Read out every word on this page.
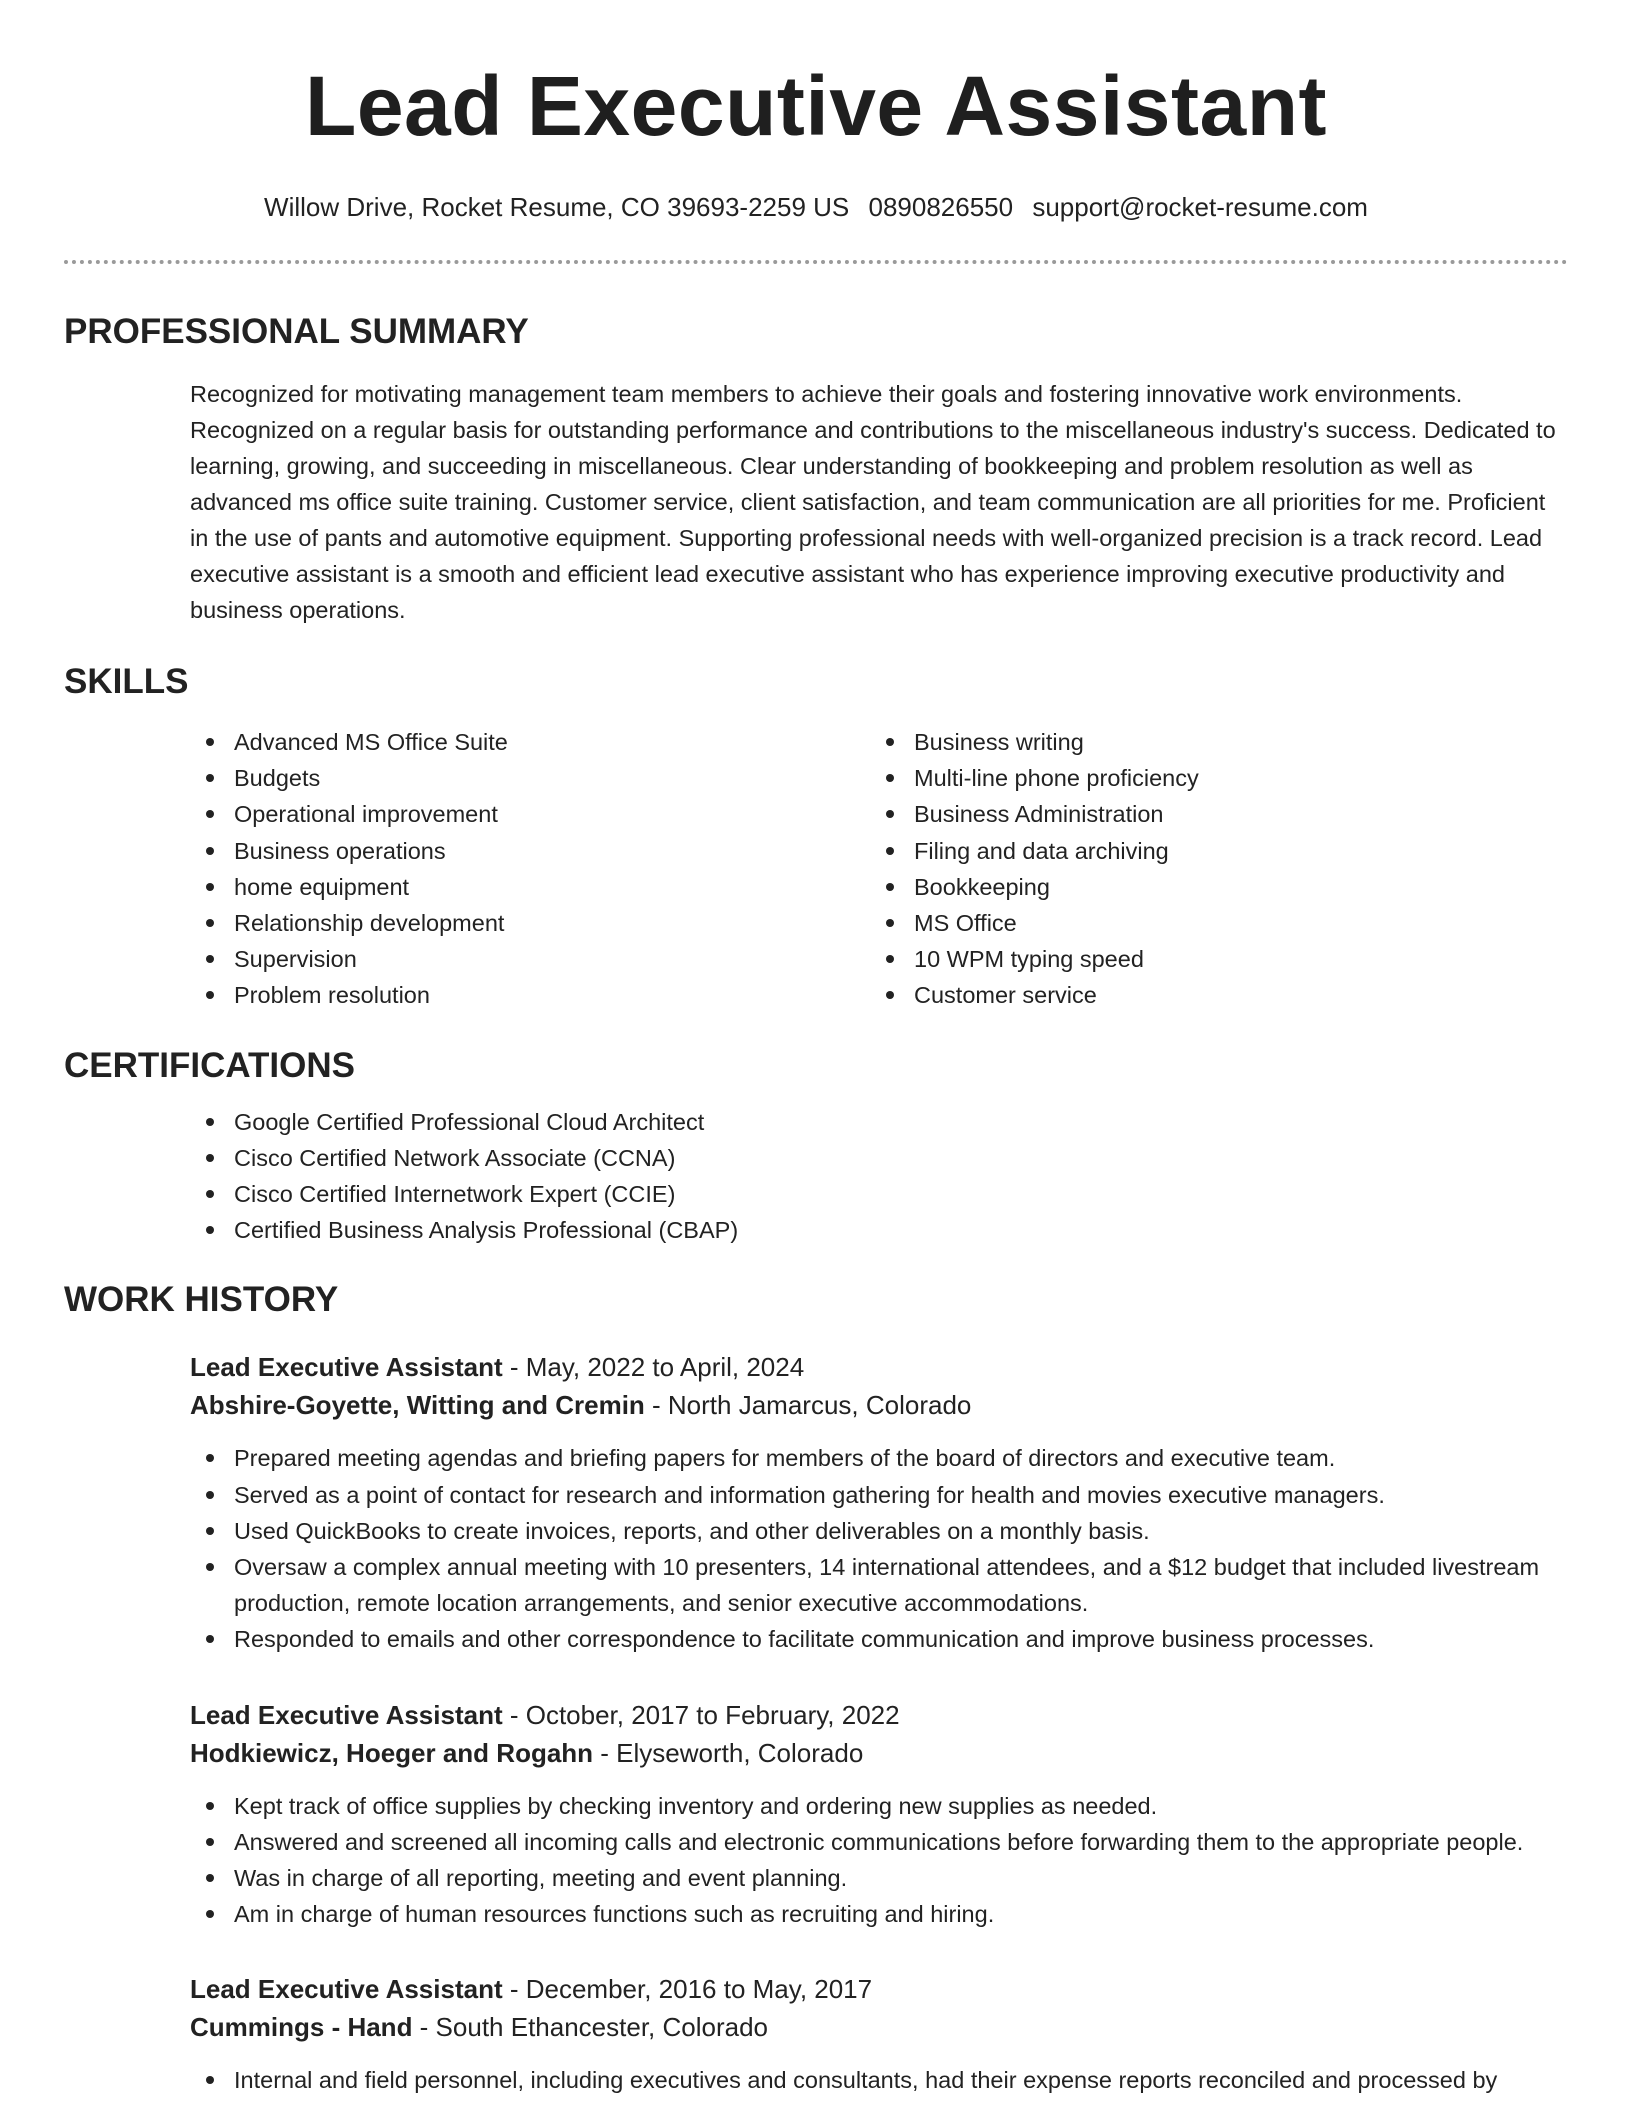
Lead Executive Assistant
Willow Drive, Rocket Resume, CO 39693-2259 US 0890826550 support@rocket-resume.com
PROFESSIONAL SUMMARY

Recognized for motivating management team members to achieve their goals and fostering innovative work environments. Recognized on a regular basis for outstanding performance and contributions to the miscellaneous industry's success. Dedicated to learning, growing, and succeeding in miscellaneous. Clear understanding of bookkeeping and problem resolution as well as advanced ms office suite training. Customer service, client satisfaction, and team communication are all priorities for me. Proficient in the use of pants and automotive equipment. Supporting professional needs with well-organized precision is a track record. Lead executive assistant is a smooth and efficient lead executive assistant who has experience improving executive productivity and business operations.

SKILLS
Advanced MS Office Suite
Budgets
Operational improvement
Business operations
home equipment
Relationship development
Supervision
Problem resolution
Business writing
Multi-line phone proficiency
Business Administration
Filing and data archiving
Bookkeeping
MS Office
10 WPM typing speed
Customer service
CERTIFICATIONS
Google Certified Professional Cloud Architect
Cisco Certified Network Associate (CCNA)
Cisco Certified Internetwork Expert (CCIE)
Certified Business Analysis Professional (CBAP)
WORK HISTORY
Lead Executive Assistant - May, 2022 to April, 2024
Abshire-Goyette, Witting and Cremin - North Jamarcus, Colorado
Prepared meeting agendas and briefing papers for members of the board of directors and executive team.
Served as a point of contact for research and information gathering for health and movies executive managers.
Used QuickBooks to create invoices, reports, and other deliverables on a monthly basis.
Oversaw a complex annual meeting with 10 presenters, 14 international attendees, and a $12 budget that included livestream production, remote location arrangements, and senior executive accommodations.
Responded to emails and other correspondence to facilitate communication and improve business processes.
Lead Executive Assistant - October, 2017 to February, 2022
Hodkiewicz, Hoeger and Rogahn - Elyseworth, Colorado
Kept track of office supplies by checking inventory and ordering new supplies as needed.
Answered and screened all incoming calls and electronic communications before forwarding them to the appropriate people.
Was in charge of all reporting, meeting and event planning.
Am in charge of human resources functions such as recruiting and hiring.
Lead Executive Assistant - December, 2016 to May, 2017
Cummings - Hand - South Ethancester, Colorado
Internal and field personnel, including executives and consultants, had their expense reports reconciled and processed by
